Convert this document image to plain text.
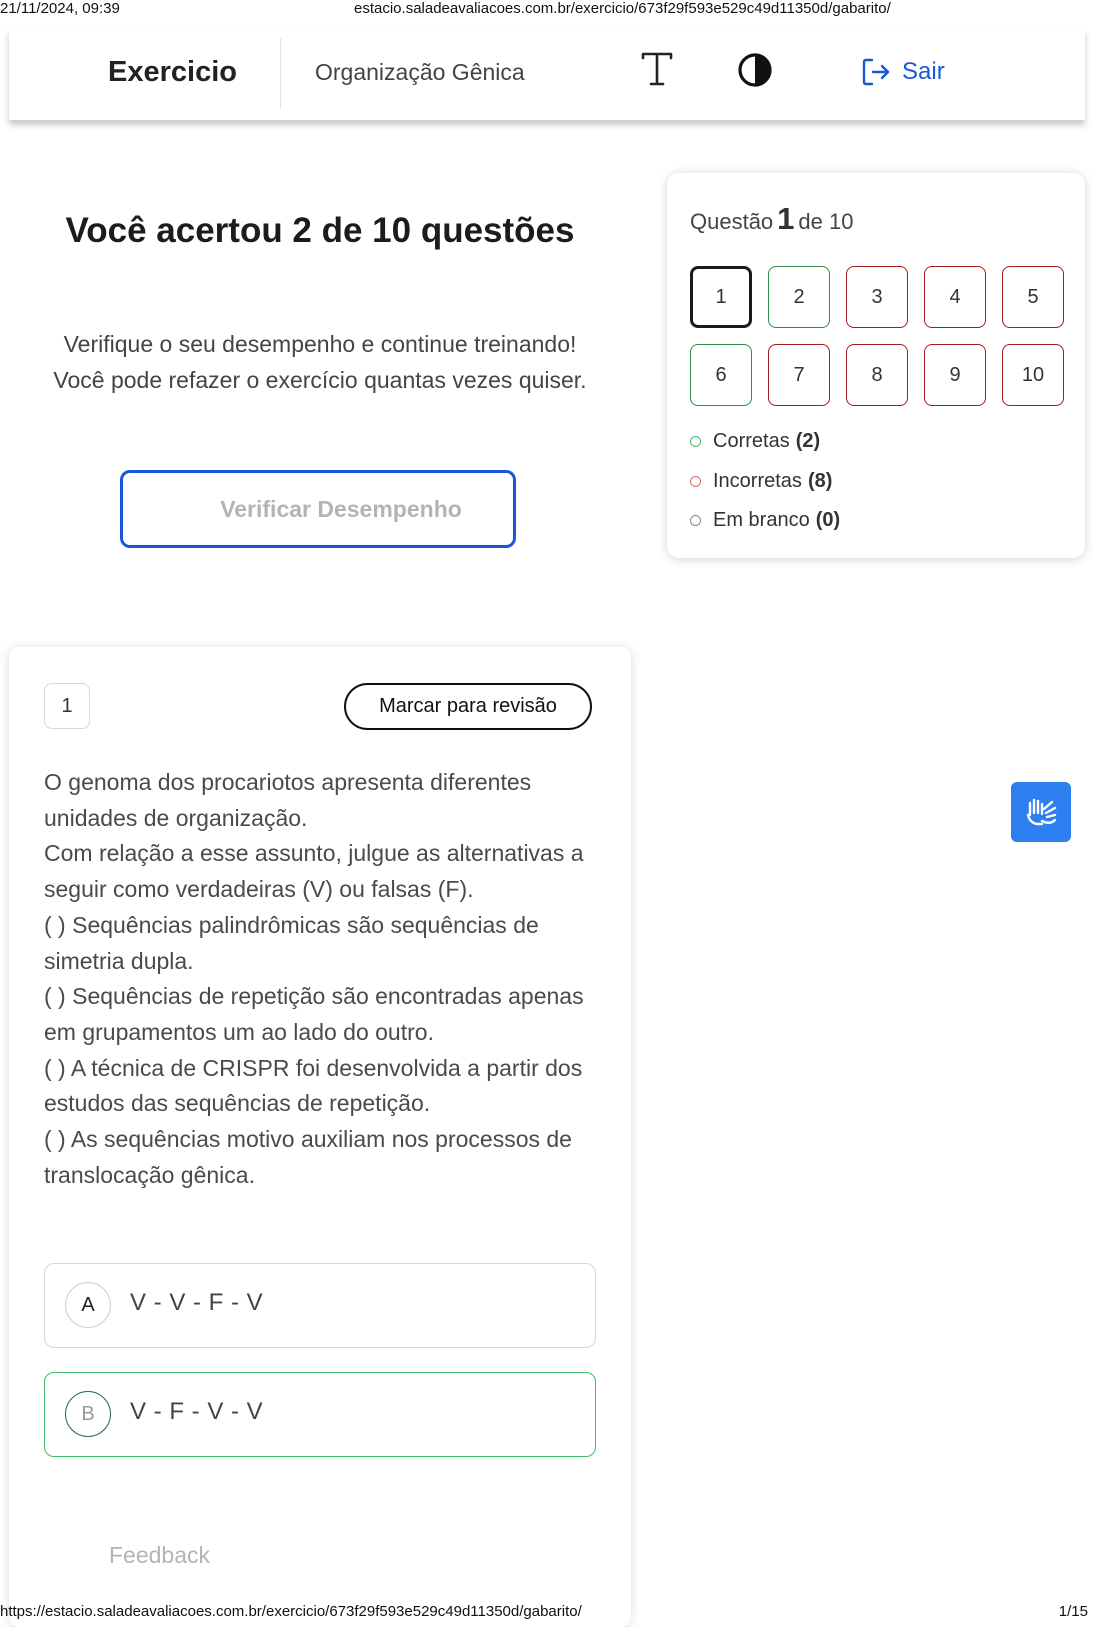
21/11/2024, 09:39	estacio.saladeavaliacoes.com.br/exercicio/673f29f593e529c49d11350d/gabarito/
Exercicio	Organização Gênica	Sair
Você acertou 2 de 10 questões
Verifique o seu desempenho e continue treinando! Você pode refazer o exercício quantas vezes quiser.
Verificar Desempenho
Questão 1 de 10
1	2	3	4	5
6	7	8	9	10
Corretas (2)
Incorretas (8)
Em branco (0)
1	Marcar para revisão

O genoma dos procariotos apresenta diferentes unidades de organização.

Com relação a esse assunto, julgue as alternativas a seguir como verdadeiras (V) ou falsas (F).

( ) Sequências palindrômicas são sequências de simetria dupla.

( ) Sequências de repetição são encontradas apenas em grupamentos um ao lado do outro.

( ) A técnica de CRISPR foi desenvolvida a partir dos estudos das sequências de repetição.

( ) As sequências motivo auxiliam nos processos de translocação gênica.

A	V - V - F - V
B	V - F - V - V
Feedback
https://estacio.saladeavaliacoes.com.br/exercicio/673f29f593e529c49d11350d/gabarito/	1/15
